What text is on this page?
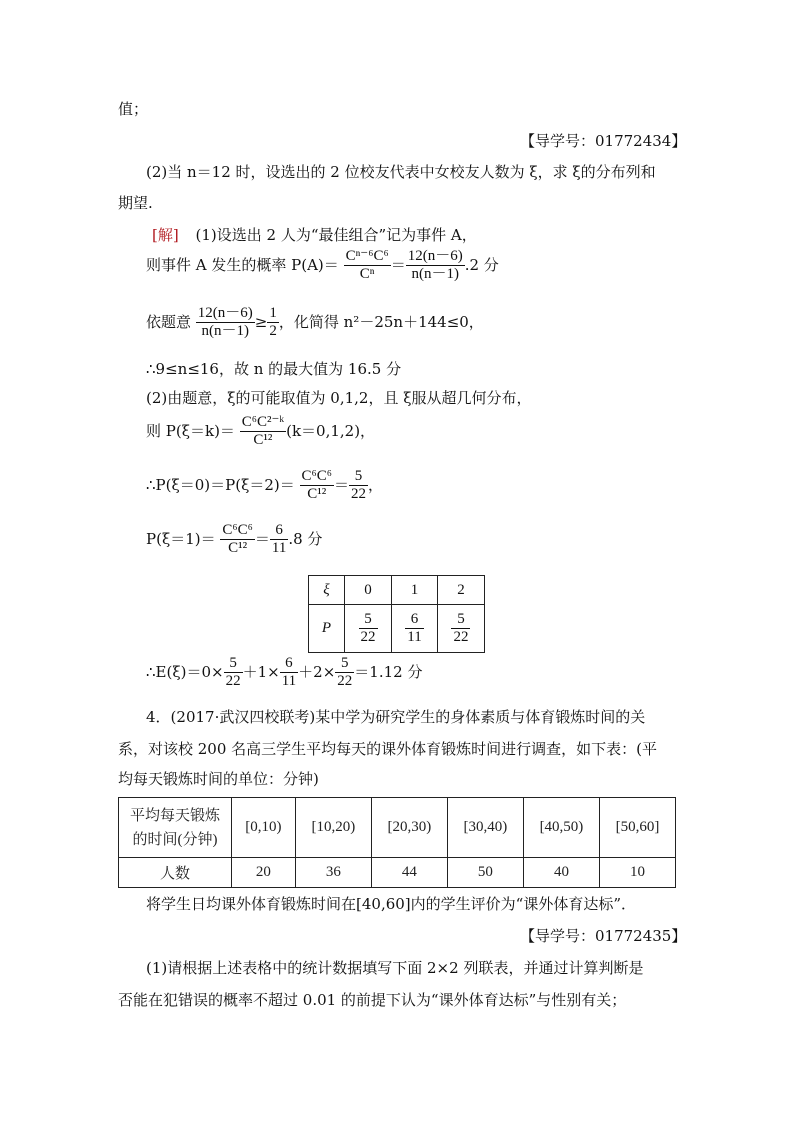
值；
【导学号：01772434】
(2)当 n＝12 时，设选出的 2 位校友代表中女校友人数为 ξ，求 ξ的分布列和
期望.
[解] (1)设选出 2 人为“最佳组合”记为事件 A，
则事件 A 发生的概率 $P(A)= \frac{\text{Cⁿ⁻⁶C⁶}}{\text{Cⁿ}} = \frac{12(n-6)}{n(n-1)} .2$ 分
依题意 $\frac{12(n-6)}{n(n-1)} \ge \frac{1}{2}$ ，化简得 n²－25n＋144≤0，
∴9≤n≤16，故 n 的最大值为 16.5 分
(2)由题意，ξ的可能取值为 0,1,2，且 ξ服从超几何分布，
则 $P(\xi=k)= \frac{\text{C⁶C²⁻ᵏ}}{\text{C¹²}} (k=0,1,2)$，
∴P(ξ＝0)＝P(ξ＝2)＝ $\frac{\text{C⁶C⁶}}{\text{C¹²}} = \frac{5}{22}$ ，
$P(\xi=1)= \frac{\text{C⁶C⁶}}{\text{C¹²}} = \frac{6}{11} .8$ 分
ξ	0	1	2
P	$\frac{5}{22}$	$\frac{6}{11}$	$\frac{5}{22}$
∴E(ξ)＝0× $\frac{5}{22} +1\times \frac{6}{11} +2\times \frac{5}{22} =1.12$ 分
4．(2017·武汉四校联考)某中学为研究学生的身体素质与体育锻炼时间的关
系，对该校 200 名高三学生平均每天的课外体育锻炼时间进行调查，如下表：(平
均每天锻炼时间的单位：分钟)
平均每天锻炼
的时间(分钟)	[0,10)	[10,20)	[20,30)	[30,40)	[40,50)	[50,60]
人数	20	36	44	50	40	10
将学生日均课外体育锻炼时间在[40,60]内的学生评价为“课外体育达标”．
【导学号：01772435】
(1)请根据上述表格中的统计数据填写下面 2×2 列联表，并通过计算判断是
否能在犯错误的概率不超过 0.01 的前提下认为“课外体育达标”与性别有关；
